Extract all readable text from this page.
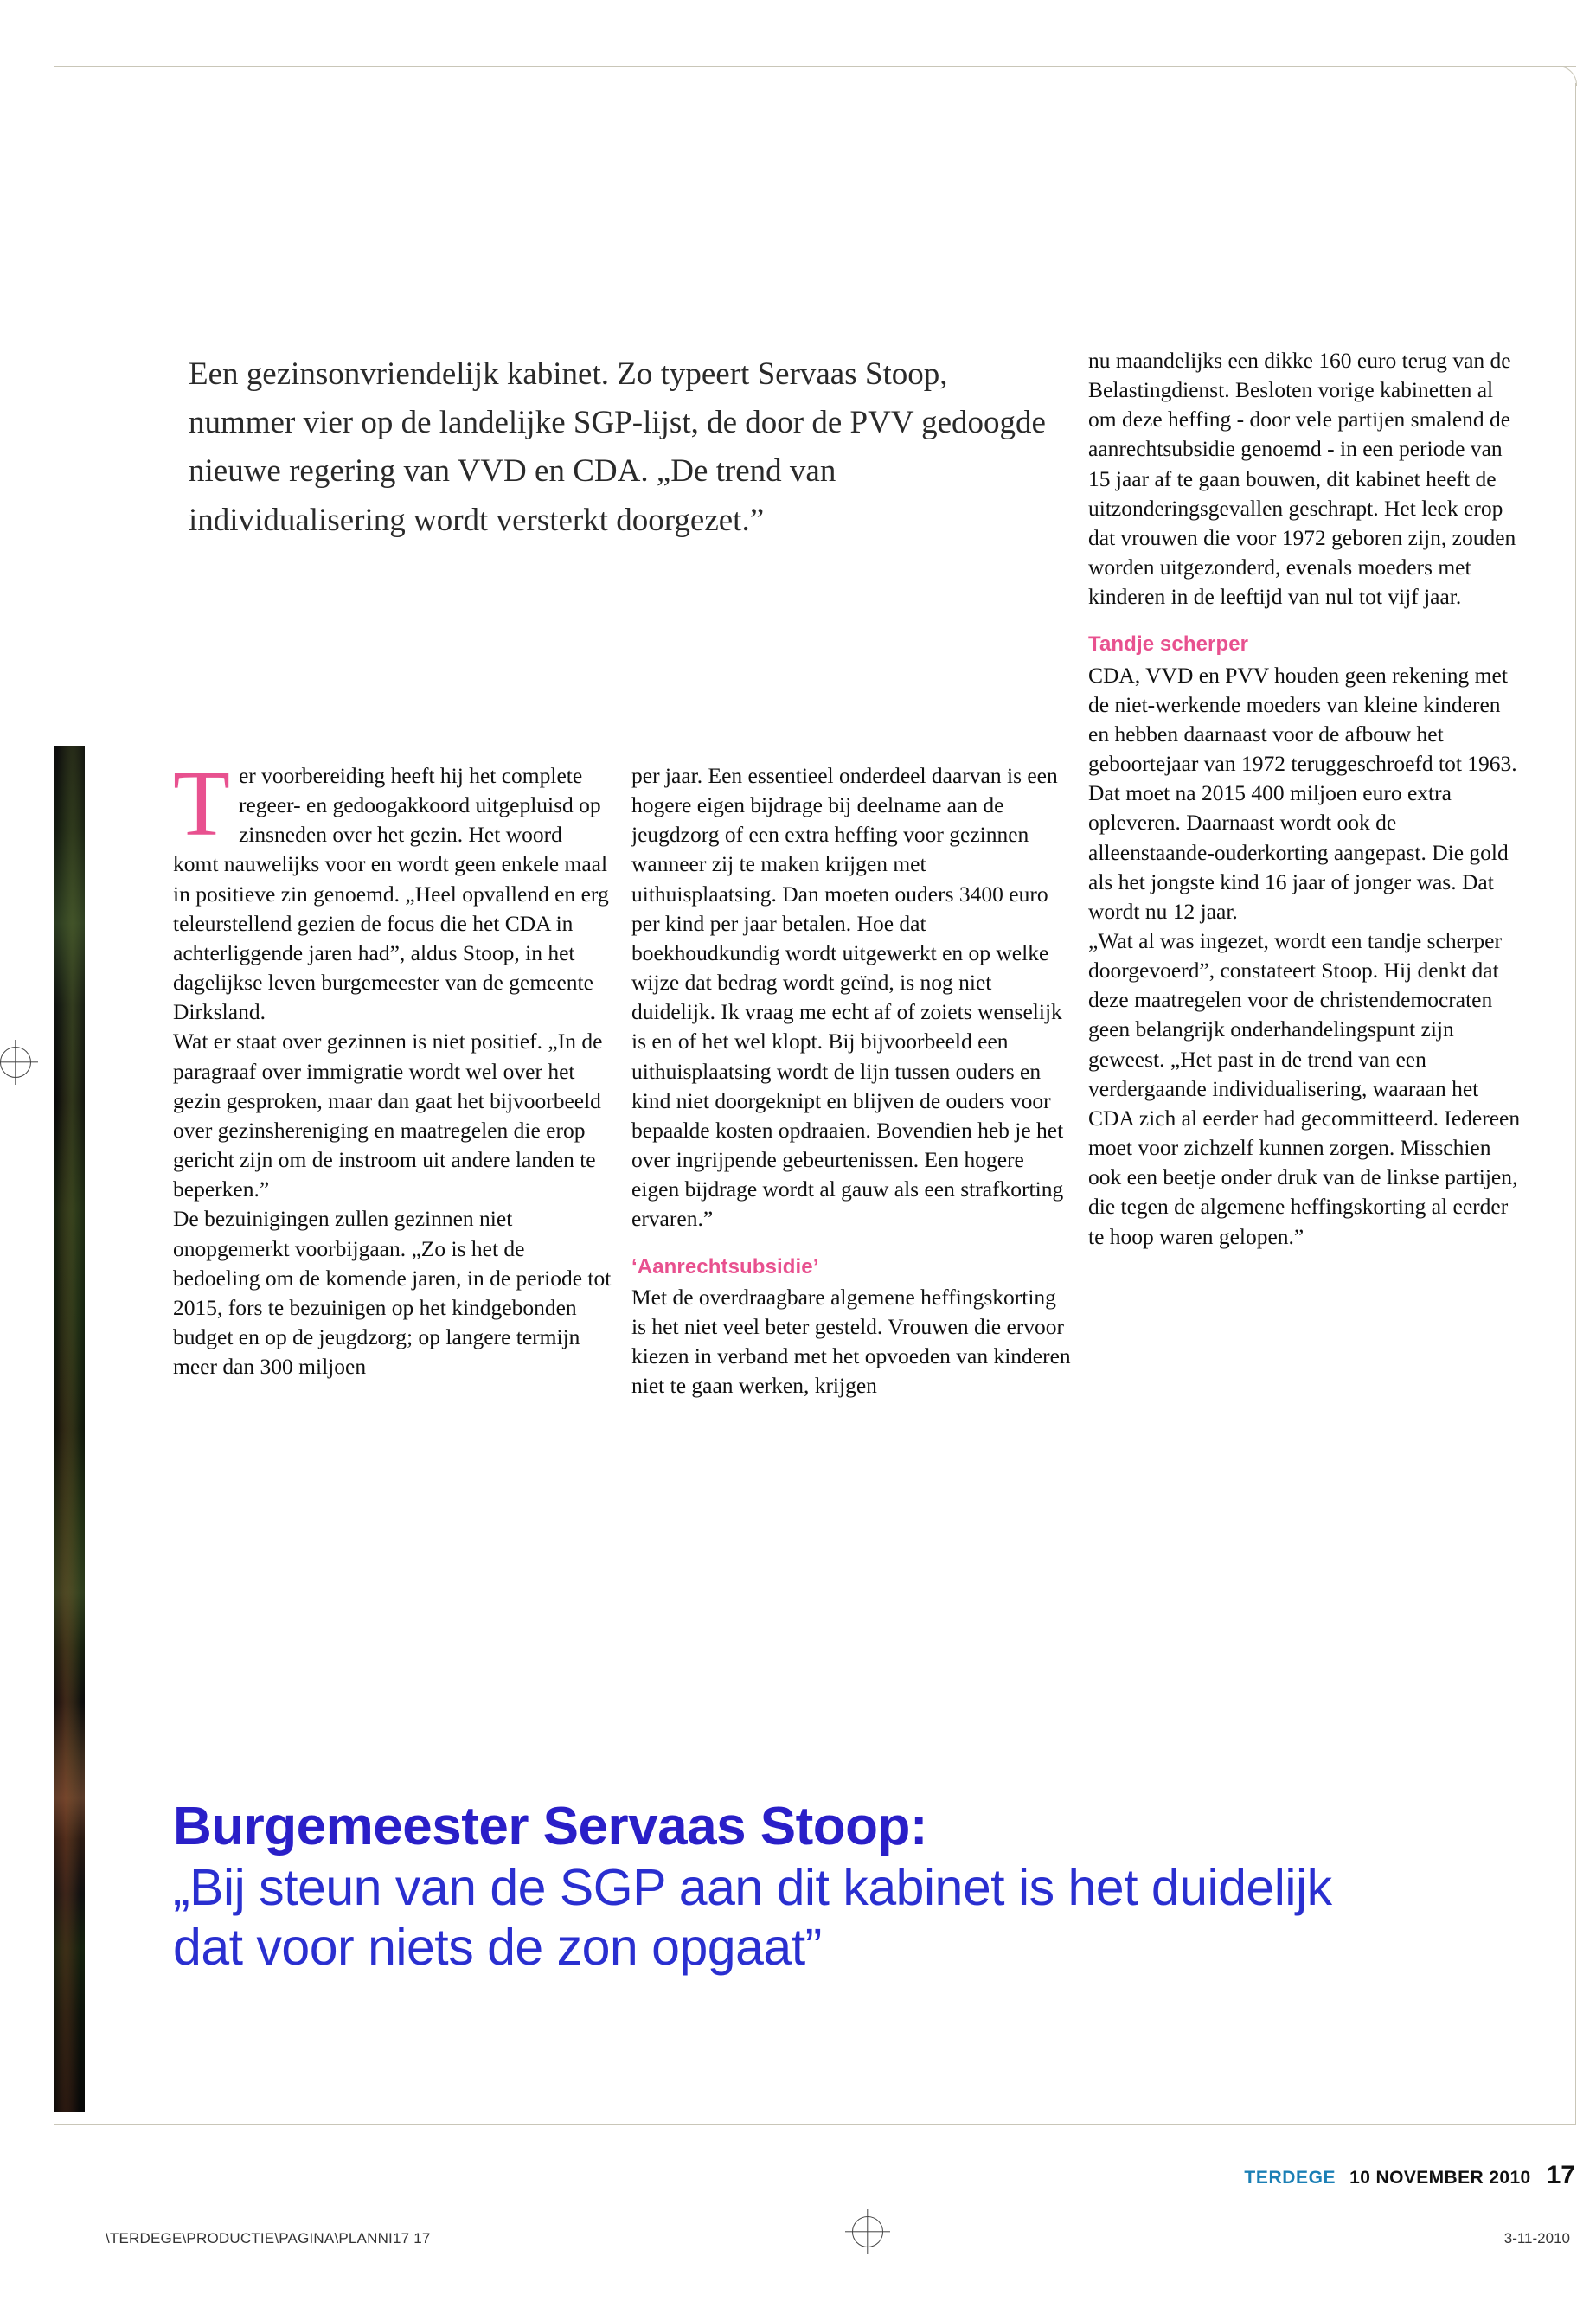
Een gezinsonvriendelijk kabinet. Zo typeert Servaas Stoop, nummer vier op de landelijke SGP-lijst, de door de PVV gedoogde nieuwe regering van VVD en CDA. „De trend van individualisering wordt versterkt doorgezet.”
T er voorbereiding heeft hij het complete regeer- en gedoogakkoord uitgepluisd op zinsneden over het gezin. Het woord komt nauwelijks voor en wordt geen enkele maal in positieve zin genoemd. „Heel opvallend en erg teleurstellend gezien de focus die het CDA in achterliggende jaren had”, aldus Stoop, in het dagelijkse leven burgemeester van de gemeente Dirksland.

Wat er staat over gezinnen is niet positief. „In de paragraaf over immigratie wordt wel over het gezin gesproken, maar dan gaat het bijvoorbeeld over gezinshereniging en maatregelen die erop gericht zijn om de instroom uit andere landen te beperken.”

De bezuinigingen zullen gezinnen niet onopgemerkt voorbijgaan. „Zo is het de bedoeling om de komende jaren, in de periode tot 2015, fors te bezuinigen op het kindgebonden budget en op de jeugdzorg; op langere termijn meer dan 300 miljoen

per jaar. Een essentieel onderdeel daarvan is een hogere eigen bijdrage bij deelname aan de jeugdzorg of een extra heffing voor gezinnen wanneer zij te maken krijgen met uithuisplaatsing. Dan moeten ouders 3400 euro per kind per jaar betalen. Hoe dat boekhoudkundig wordt uitgewerkt en op welke wijze dat bedrag wordt geïnd, is nog niet duidelijk. Ik vraag me echt af of zoiets wenselijk is en of het wel klopt. Bij bijvoorbeeld een uithuisplaatsing wordt de lijn tussen ouders en kind niet doorgeknipt en blijven de ouders voor bepaalde kosten opdraaien. Bovendien heb je het over ingrijpende gebeurtenissen. Een hogere eigen bijdrage wordt al gauw als een strafkorting ervaren.”

‘Aanrechtsubsidie’

Met de overdraagbare algemene heffingskorting is het niet veel beter gesteld. Vrouwen die ervoor kiezen in verband met het opvoeden van kinderen niet te gaan werken, krijgen

nu maandelijks een dikke 160 euro terug van de Belastingdienst. Besloten vorige kabinetten al om deze heffing - door vele partijen smalend de aanrechtsubsidie genoemd - in een periode van 15 jaar af te gaan bouwen, dit kabinet heeft de uitzonderingsgevallen geschrapt. Het leek erop dat vrouwen die voor 1972 geboren zijn, zouden worden uitgezonderd, evenals moeders met kinderen in de leeftijd van nul tot vijf jaar.

Tandje scherper

CDA, VVD en PVV houden geen rekening met de niet-werkende moeders van kleine kinderen en hebben daarnaast voor de afbouw het geboortejaar van 1972 teruggeschroefd tot 1963. Dat moet na 2015 400 miljoen euro extra opleveren. Daarnaast wordt ook de alleenstaande-ouderkorting aangepast. Die gold als het jongste kind 16 jaar of jonger was. Dat wordt nu 12 jaar.

„Wat al was ingezet, wordt een tandje scherper doorgevoerd”, constateert Stoop. Hij denkt dat deze maatregelen voor de christendemocraten geen belangrijk onderhandelingspunt zijn geweest. „Het past in de trend van een verdergaande individualisering, waaraan het CDA zich al eerder had gecommitteerd. Iedereen moet voor zichzelf kunnen zorgen. Misschien ook een beetje onder druk van de linkse partijen, die tegen de algemene heffingskorting al eerder te hoop waren gelopen.”

Burgemeester Servaas Stoop:
„Bij steun van de SGP aan dit kabinet is het duidelijk dat voor niets de zon opgaat”
TERDEGE 10 NOVEMBER 2010 17
\TERDEGE\PRODUCTIE\PAGINA\PLANNI17 17	3-11-2010
